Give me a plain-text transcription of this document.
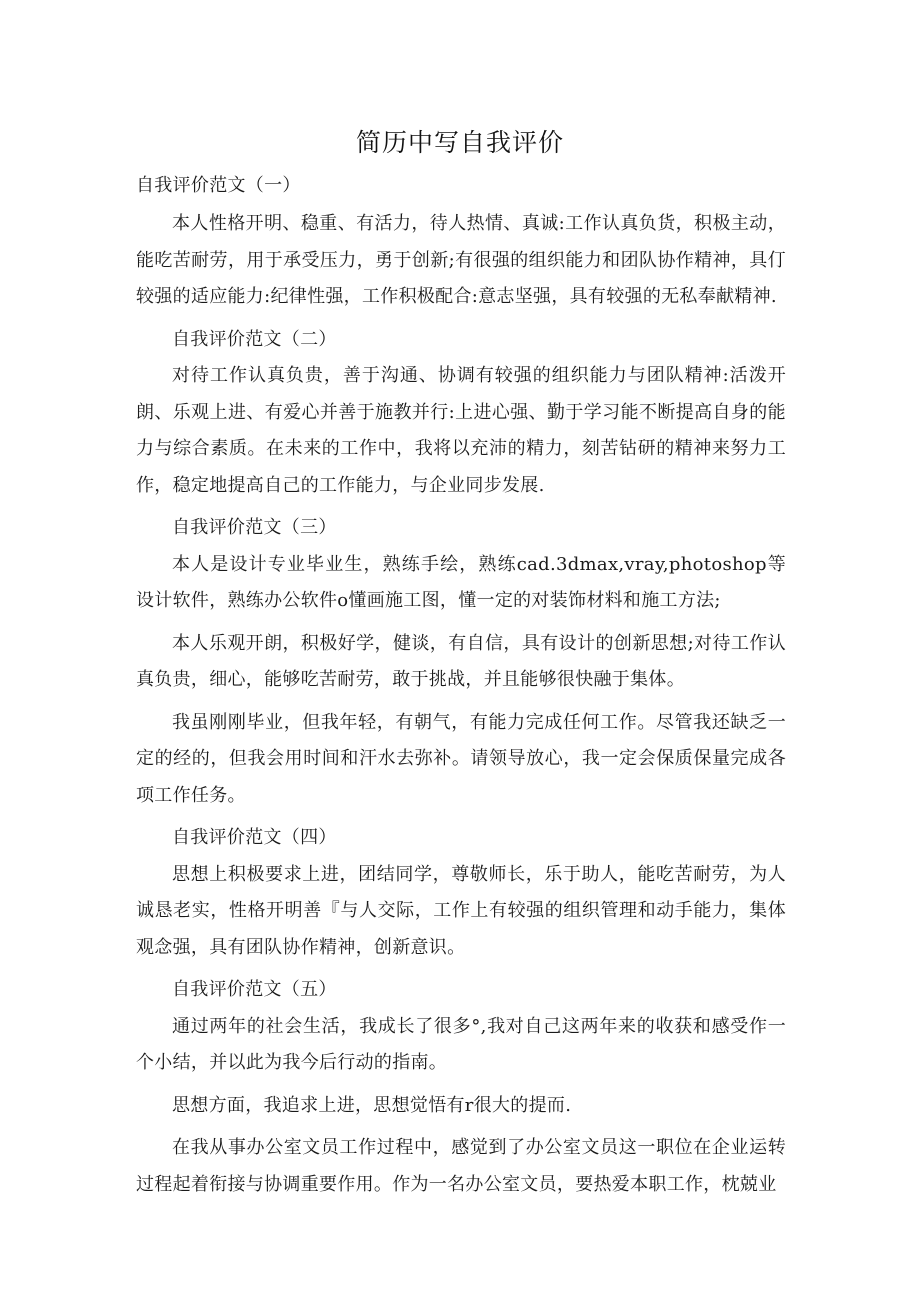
简历中写自我评价

自我评价范文（一）

本人性格开明、稳重、有活力，待人热情、真诚:工作认真负货，积极主动，能吃苦耐劳，用于承受压力，勇于创新;有很强的组织能力和团队协作精神，具仃较强的适应能力:纪律性强，工作积极配合:意志坚强，具有较强的无私奉献精神.

自我评价范文（二）

对待工作认真负贵，善于沟通、协调有较强的组织能力与团队精神:活泼开朗、乐观上进、有爱心并善于施教并行:上进心强、勤于学习能不断提高自身的能力与综合素质。在未来的工作中，我将以充沛的精力，刻苦钻研的精神来努力工作，稳定地提高自己的工作能力，与企业同步发展.

自我评价范文（三）

本人是设计专业毕业生，熟练手绘，熟练cad.3dmax,vray,photoshop等设计软件，熟练办公软件o懂画施工图，懂一定的对装饰材料和施工方法;

本人乐观开朗，积极好学，健谈，有自信，具有设计的创新思想;对待工作认真负贵，细心，能够吃苦耐劳，敢于挑战，并且能够很快融于集体。

我虽刚刚毕业，但我年轻，有朝气，有能力完成任何工作。尽管我还缺乏一定的经的，但我会用时间和汗水去弥补。请领导放心，我一定会保质保量完成各项工作任务。

自我评价范文（四）

思想上积极要求上进，团结同学，尊敬师长，乐于助人，能吃苦耐劳，为人诚恳老实，性格开明善『与人交际，工作上有较强的组织管理和动手能力，集体观念强，具有团队协作精神，创新意识。

自我评价范文（五）

通过两年的社会生活，我成长了很多°,我对自己这两年来的收获和感受作一个小结，并以此为我今后行动的指南。

思想方面，我追求上进，思想觉悟有r很大的提而.

在我从事办公室文员工作过程中，感觉到了办公室文员这一职位在企业运转过程起着衔接与协调重要作用。作为一名办公室文员，要热爱本职工作，枕兢业
